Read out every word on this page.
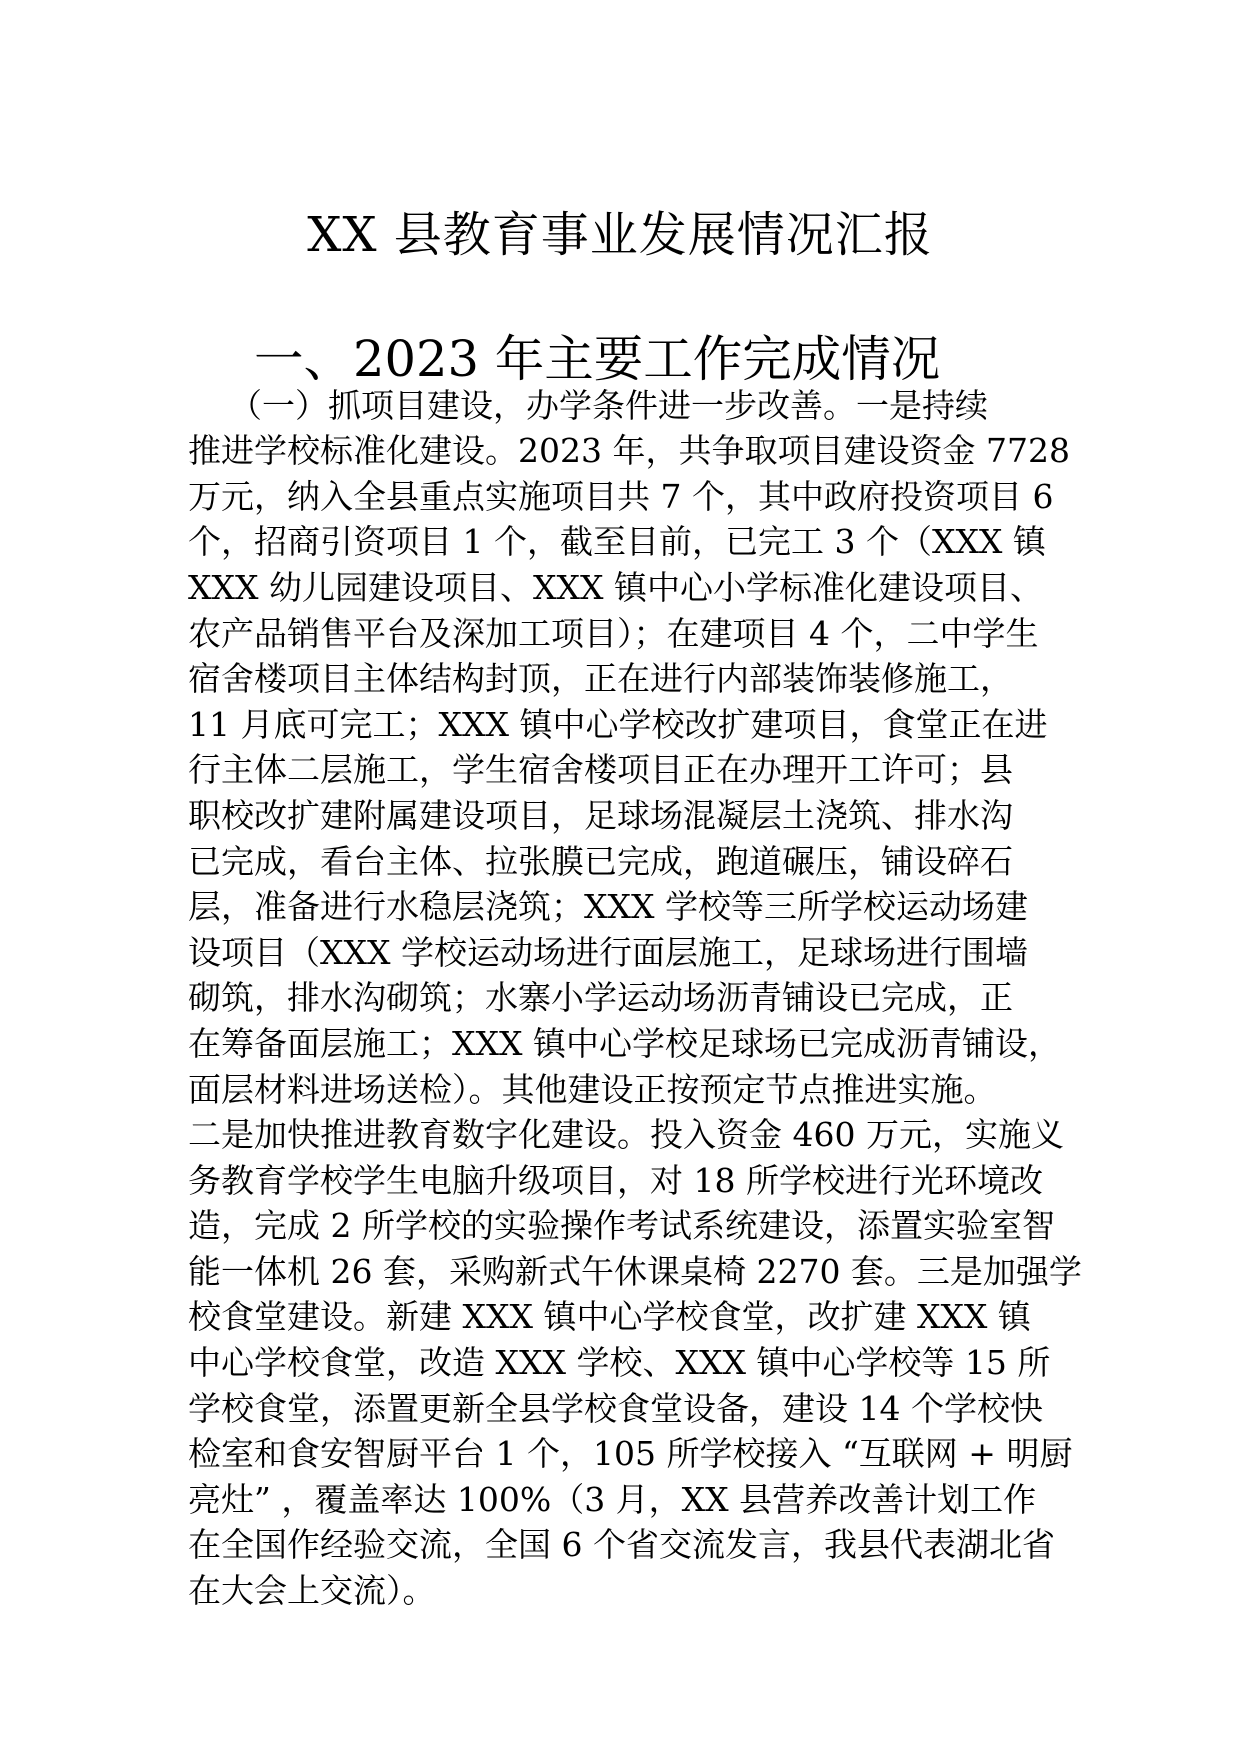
XX 县教育事业发展情况汇报
一、2023 年主要工作完成情况

（一）抓项目建设，办学条件进一步改善。一是持续

推进学校标准化建设。2023 年，共争取项目建设资金 7728

万元，纳入全县重点实施项目共 7 个，其中政府投资项目 6

个，招商引资项目 1 个，截至目前，已完工 3 个（XXX 镇

XXX 幼儿园建设项目、XXX 镇中心小学标准化建设项目、

农产品销售平台及深加工项目）；在建项目 4 个，二中学生

宿舍楼项目主体结构封顶，正在进行内部装饰装修施工，

11 月底可完工；XXX 镇中心学校改扩建项目，食堂正在进

行主体二层施工，学生宿舍楼项目正在办理开工许可；县

职校改扩建附属建设项目，足球场混凝层土浇筑、排水沟

已完成，看台主体、拉张膜已完成，跑道碾压，铺设碎石

层，准备进行水稳层浇筑；XXX 学校等三所学校运动场建

设项目（XXX 学校运动场进行面层施工，足球场进行围墙

砌筑，排水沟砌筑；水寨小学运动场沥青铺设已完成，正

在筹备面层施工；XXX 镇中心学校足球场已完成沥青铺设，

面层材料进场送检）。其他建设正按预定节点推进实施。

二是加快推进教育数字化建设。投入资金 460 万元，实施义

务教育学校学生电脑升级项目，对 18 所学校进行光环境改

造，完成 2 所学校的实验操作考试系统建设，添置实验室智

能一体机 26 套，采购新式午休课桌椅 2270 套。三是加强学

校食堂建设。新建 XXX 镇中心学校食堂，改扩建 XXX 镇

中心学校食堂，改造 XXX 学校、XXX 镇中心学校等 15 所

学校食堂，添置更新全县学校食堂设备，建设 14 个学校快

检室和食安智厨平台 1 个，105 所学校接入 “互联网 + 明厨

亮灶” ，覆盖率达 100%（3 月，XX 县营养改善计划工作

在全国作经验交流，全国 6 个省交流发言，我县代表湖北省

在大会上交流）。
